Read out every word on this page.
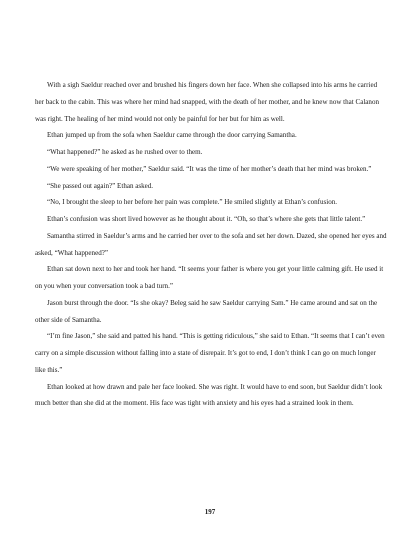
With a sigh Saeldur reached over and brushed his fingers down her face. When she collapsed into his arms he carried her back to the cabin. This was where her mind had snapped, with the death of her mother, and he knew now that Calanon was right. The healing of her mind would not only be painful for her but for him as well.

Ethan jumped up from the sofa when Saeldur came through the door carrying Samantha.

“What happened?” he asked as he rushed over to them.

“We were speaking of her mother,” Saeldur said. “It was the time of her mother’s death that her mind was broken.”

“She passed out again?” Ethan asked.

“No, I brought the sleep to her before her pain was complete.” He smiled slightly at Ethan’s confusion.

Ethan’s confusion was short lived however as he thought about it. “Oh, so that’s where she gets that little talent.”

Samantha stirred in Saeldur’s arms and he carried her over to the sofa and set her down. Dazed, she opened her eyes and asked, “What happened?”

Ethan sat down next to her and took her hand. “It seems your father is where you get your little calming gift. He used it on you when your conversation took a bad turn.”

Jason burst through the door. “Is she okay? Beleg said he saw Saeldur carrying Sam.” He came around and sat on the other side of Samantha.

“I’m fine Jason,” she said and patted his hand. “This is getting ridiculous,” she said to Ethan. “It seems that I can’t even carry on a simple discussion without falling into a state of disrepair. It’s got to end, I don’t think I can go on much longer like this.”

Ethan looked at how drawn and pale her face looked. She was right. It would have to end soon, but Saeldur didn’t look much better than she did at the moment. His face was tight with anxiety and his eyes had a strained look in them.

197
